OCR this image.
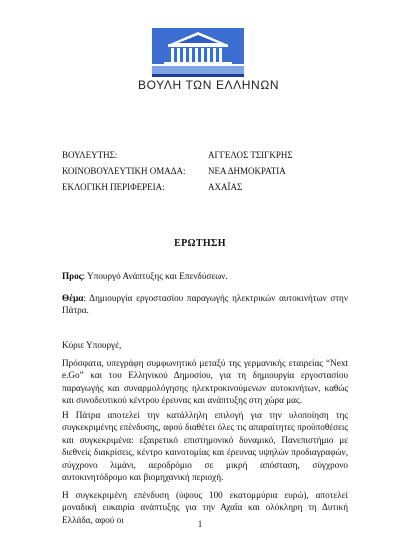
ΒΟΥΛΗ ΤΩΝ ΕΛΛΗΝΩΝ
ΒΟΥΛΕΥΤΗΣ:	ΑΓΓΕΛΟΣ ΤΣΙΓΚΡΗΣ
ΚΟΙΝΟΒΟΥΛΕΥΤΙΚΗ ΟΜΑΔΑ: ΝΕΑ ΔΗΜΟΚΡΑΤΙΑ
ΕΚΛΟΓΙΚΗ ΠΕΡΙΦΕΡΕΙΑ:	ΑΧΑΪΑΣ
ΕΡΩΤΗΣΗ
Προς: Υπουργό Ανάπτυξης και Επενδύσεων.
Θέμα: Δημιουργία εργοστασίου παραγωγής ηλεκτρικών αυτοκινήτων στην Πάτρα.
Κύριε Υπουργέ,
Πρόσφατα, υπεγράφη συμφωνητικό μεταξύ της γερμανικής εταιρείας “Next e.Go” και του Ελληνικού Δημοσίου, για τη δημιουργία εργοστασίου παραγωγής και συναρμολόγησης ηλεκτροκινούμενων αυτοκινήτων, καθώς και συνοδευτικού κέντρου έρευνας και ανάπτυξης στη χώρα μας.
Η Πάτρα αποτελεί την κατάλληλη επιλογή για την υλοποίηση της συγκεκριμένης επένδυσης, αφού διαθέτει όλες τις απαραίτητες προϋποθέσεις και συγκεκριμένα: εξαιρετικό επιστημονικό δυναμικό, Πανεπιστήμιο με διεθνείς διακρίσεις, κέντρο καινοτομίας και έρευνας υψηλών προδιαγραφών, σύγχρονο λιμάνι, αεροδρόμιο σε μικρή απόσταση, σύγχρονο αυτοκινητόδρομο και βιομηχανική περιοχή.
Η συγκεκριμένη επένδυση (ύψους 100 εκατομμύρια ευρώ), αποτελεί μοναδική ευκαιρία ανάπτυξης για την Αχαΐα και ολόκληρη τη Δυτική Ελλάδα, αφού οι	1
